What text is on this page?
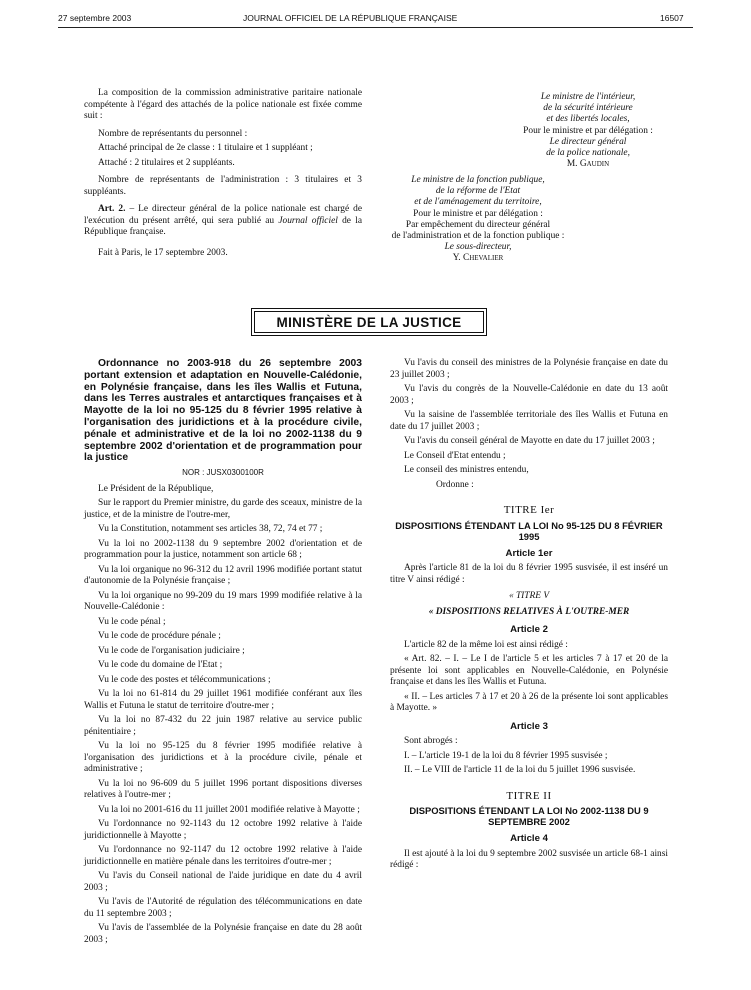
27 septembre 2003	JOURNAL OFFICIEL DE LA RÉPUBLIQUE FRANÇAISE	16507

La composition de la commission administrative paritaire nationale compétente à l'égard des attachés de la police nationale est fixée comme suit :

Nombre de représentants du personnel :

Attaché principal de 2e classe : 1 titulaire et 1 suppléant ;

Attaché : 2 titulaires et 2 suppléants.

Nombre de représentants de l'administration : 3 titulaires et 3 suppléants.

Art. 2. – Le directeur général de la police nationale est chargé de l'exécution du présent arrêté, qui sera publié au Journal officiel de la République française.

Fait à Paris, le 17 septembre 2003.

Le ministre de l'intérieur,
de la sécurité intérieure
et des libertés locales,
Pour le ministre et par délégation :
Le directeur général
de la police nationale,
M. Gaudin
Le ministre de la fonction publique,
de la réforme de l'Etat
et de l'aménagement du territoire,
Pour le ministre et par délégation :
Par empêchement du directeur général
de l'administration et de la fonction publique :
Le sous-directeur,
Y. Chevalier
MINISTÈRE DE LA JUSTICE

Ordonnance no 2003-918 du 26 septembre 2003 portant extension et adaptation en Nouvelle-Calédonie, en Polynésie française, dans les îles Wallis et Futuna, dans les Terres australes et antarctiques françaises et à Mayotte de la loi no 95-125 du 8 février 1995 relative à l'organisation des juridictions et à la procédure civile, pénale et administrative et de la loi no 2002-1138 du 9 septembre 2002 d'orientation et de programmation pour la justice

NOR : JUSX0300100R

Le Président de la République,

Sur le rapport du Premier ministre, du garde des sceaux, ministre de la justice, et de la ministre de l'outre-mer,

Vu la Constitution, notamment ses articles 38, 72, 74 et 77 ;

Vu la loi no 2002-1138 du 9 septembre 2002 d'orientation et de programmation pour la justice, notamment son article 68 ;

Vu la loi organique no 96-312 du 12 avril 1996 modifiée portant statut d'autonomie de la Polynésie française ;

Vu la loi organique no 99-209 du 19 mars 1999 modifiée relative à la Nouvelle-Calédonie :

Vu le code pénal ;

Vu le code de procédure pénale ;

Vu le code de l'organisation judiciaire ;

Vu le code du domaine de l'Etat ;

Vu le code des postes et télécommunications ;

Vu la loi no 61-814 du 29 juillet 1961 modifiée conférant aux îles Wallis et Futuna le statut de territoire d'outre-mer ;

Vu la loi no 87-432 du 22 juin 1987 relative au service public pénitentiaire ;

Vu la loi no 95-125 du 8 février 1995 modifiée relative à l'organisation des juridictions et à la procédure civile, pénale et administrative ;

Vu la loi no 96-609 du 5 juillet 1996 portant dispositions diverses relatives à l'outre-mer ;

Vu la loi no 2001-616 du 11 juillet 2001 modifiée relative à Mayotte ;

Vu l'ordonnance no 92-1143 du 12 octobre 1992 relative à l'aide juridictionnelle à Mayotte ;

Vu l'ordonnance no 92-1147 du 12 octobre 1992 relative à l'aide juridictionnelle en matière pénale dans les territoires d'outre-mer ;

Vu l'avis du Conseil national de l'aide juridique en date du 4 avril 2003 ;

Vu l'avis de l'Autorité de régulation des télécommunications en date du 11 septembre 2003 ;

Vu l'avis de l'assemblée de la Polynésie française en date du 28 août 2003 ;

Vu l'avis du conseil des ministres de la Polynésie française en date du 23 juillet 2003 ;

Vu l'avis du congrès de la Nouvelle-Calédonie en date du 13 août 2003 ;

Vu la saisine de l'assemblée territoriale des îles Wallis et Futuna en date du 17 juillet 2003 ;

Vu l'avis du conseil général de Mayotte en date du 17 juillet 2003 ;

Le Conseil d'Etat entendu ;

Le conseil des ministres entendu,

Ordonne :

TITRE Ier
DISPOSITIONS ÉTENDANT LA LOI No 95-125 DU 8 FÉVRIER 1995
Article 1er

Après l'article 81 de la loi du 8 février 1995 susvisée, il est inséré un titre V ainsi rédigé :

« TITRE V
« DISPOSITIONS RELATIVES À L'OUTRE-MER
Article 2

L'article 82 de la même loi est ainsi rédigé :

« Art. 82. – I. – Le I de l'article 5 et les articles 7 à 17 et 20 de la présente loi sont applicables en Nouvelle-Calédonie, en Polynésie française et dans les îles Wallis et Futuna.

« II. – Les articles 7 à 17 et 20 à 26 de la présente loi sont applicables à Mayotte. »

Article 3

Sont abrogés :

I. – L'article 19-1 de la loi du 8 février 1995 susvisée ;

II. – Le VIII de l'article 11 de la loi du 5 juillet 1996 susvisée.

TITRE II
DISPOSITIONS ÉTENDANT LA LOI No 2002-1138 DU 9 SEPTEMBRE 2002
Article 4

Il est ajouté à la loi du 9 septembre 2002 susvisée un article 68-1 ainsi rédigé :
